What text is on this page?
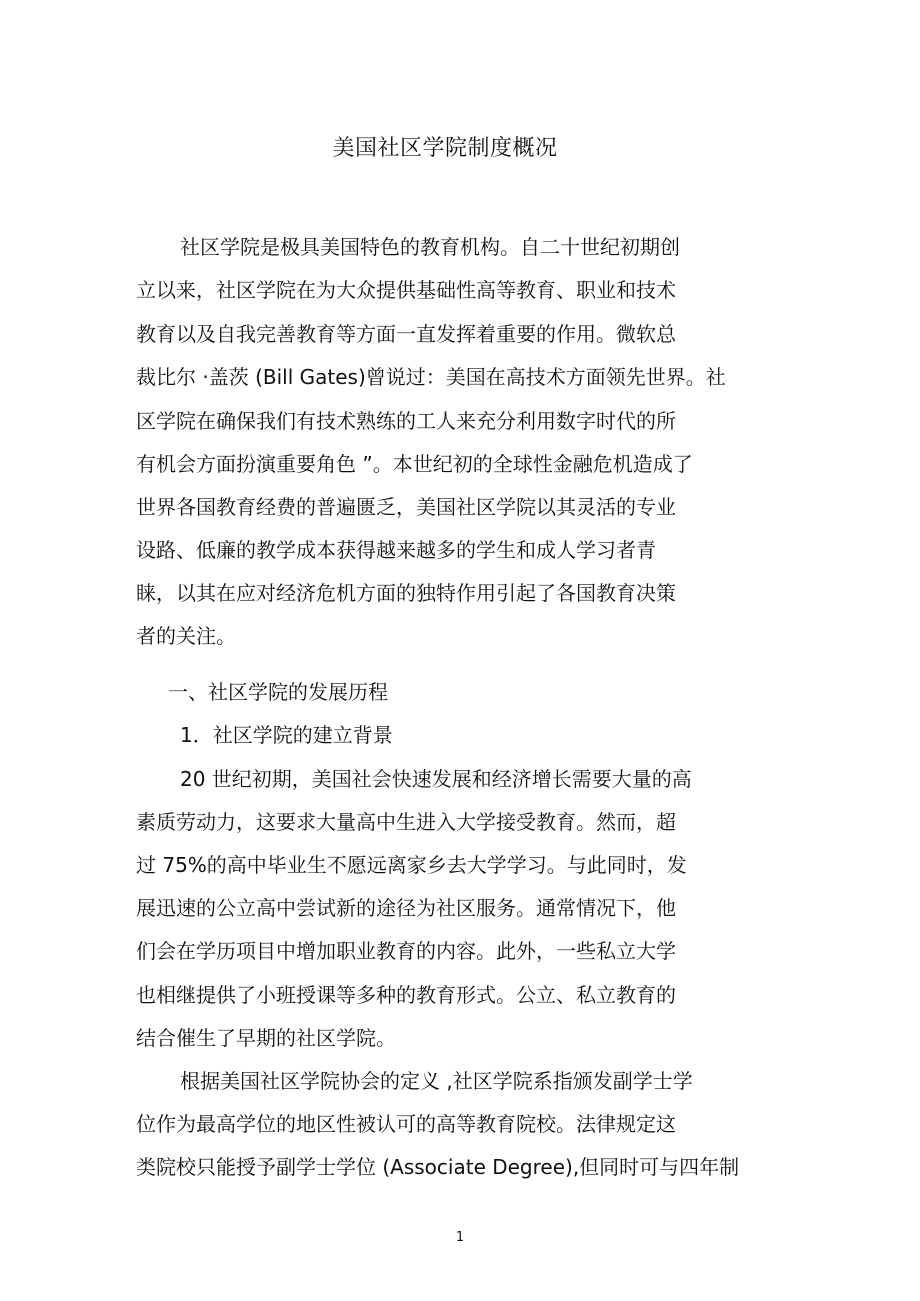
美国社区学院制度概况
社区学院是极具美国特色的教育机构。自二十世纪初期创
立以来，社区学院在为大众提供基础性高等教育、职业和技术
教育以及自我完善教育等方面一直发挥着重要的作用。微软总
裁比尔 ·盖茨 (Bill Gates)曾说过：美国在高技术方面领先世界。社
区学院在确保我们有技术熟练的工人来充分利用数字时代的所
有机会方面扮演重要角色 ”。本世纪初的全球性金融危机造成了
世界各国教育经费的普遍匮乏，美国社区学院以其灵活的专业
设路、低廉的教学成本获得越来越多的学生和成人学习者青
睐，以其在应对经济危机方面的独特作用引起了各国教育决策
者的关注。
一、社区学院的发展历程
1．社区学院的建立背景
20 世纪初期，美国社会快速发展和经济增长需要大量的高
素质劳动力，这要求大量高中生进入大学接受教育。然而，超
过 75%的高中毕业生不愿远离家乡去大学学习。与此同时，发
展迅速的公立高中尝试新的途径为社区服务。通常情况下，他
们会在学历项目中增加职业教育的内容。此外，一些私立大学
也相继提供了小班授课等多种的教育形式。公立、私立教育的
结合催生了早期的社区学院。
根据美国社区学院协会的定义 ,社区学院系指颁发副学士学
位作为最高学位的地区性被认可的高等教育院校。法律规定这
类院校只能授予副学士学位 (Associate Degree),但同时可与四年制
1
